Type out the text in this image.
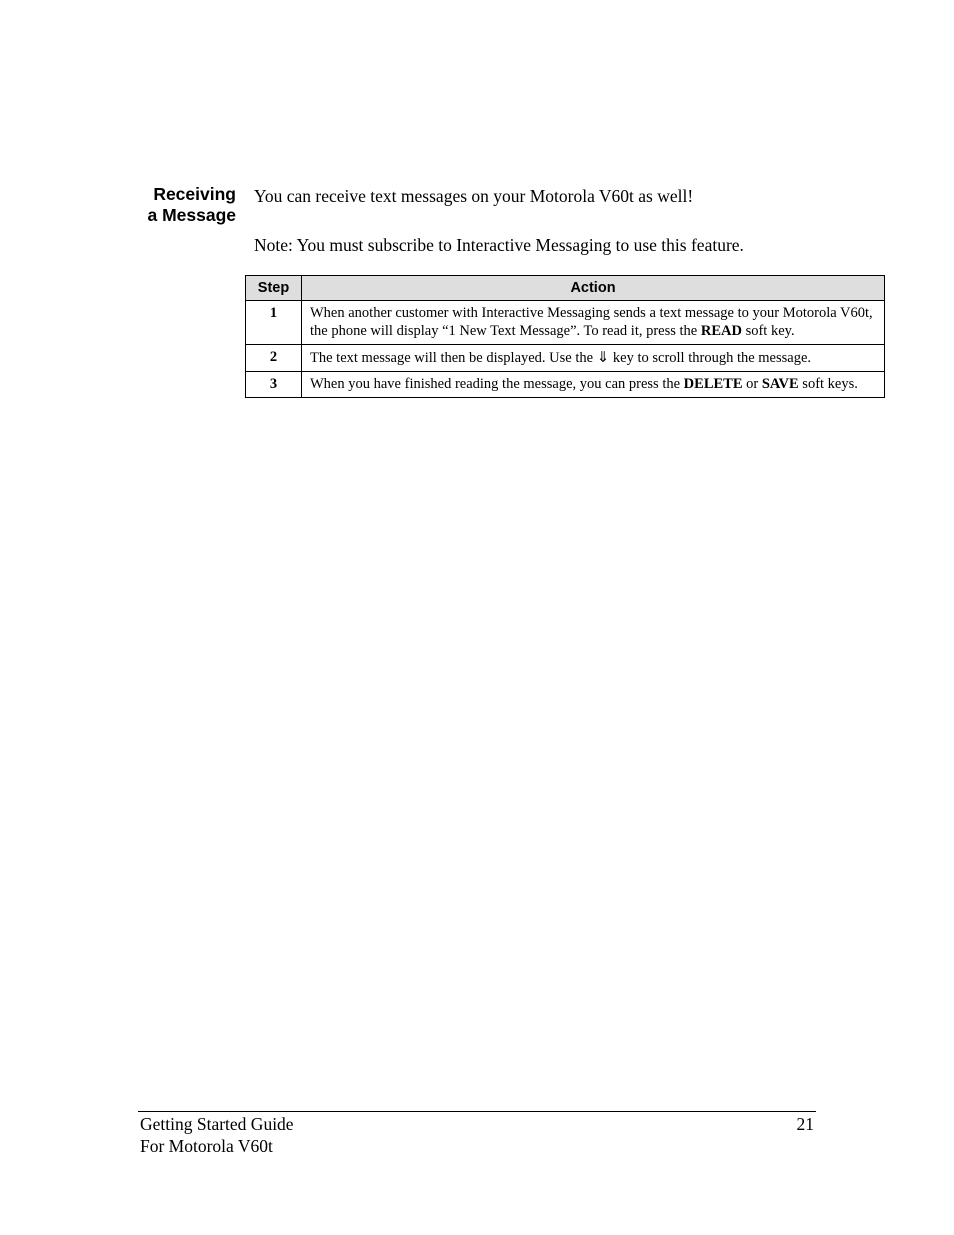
Receiving
a Message
You can receive text messages on your Motorola V60t as well!
Note: You must subscribe to Interactive Messaging to use this feature.
Step	Action
1	When another customer with Interactive Messaging sends a text message to your Motorola V60t, the phone will display “1 New Text Message”. To read it, press the READ soft key.
2	The text message will then be displayed. Use the ⇓ key to scroll through the message.
3	When you have finished reading the message, you can press the DELETE or SAVE soft keys.
Getting Started Guide
For Motorola V60t
21
